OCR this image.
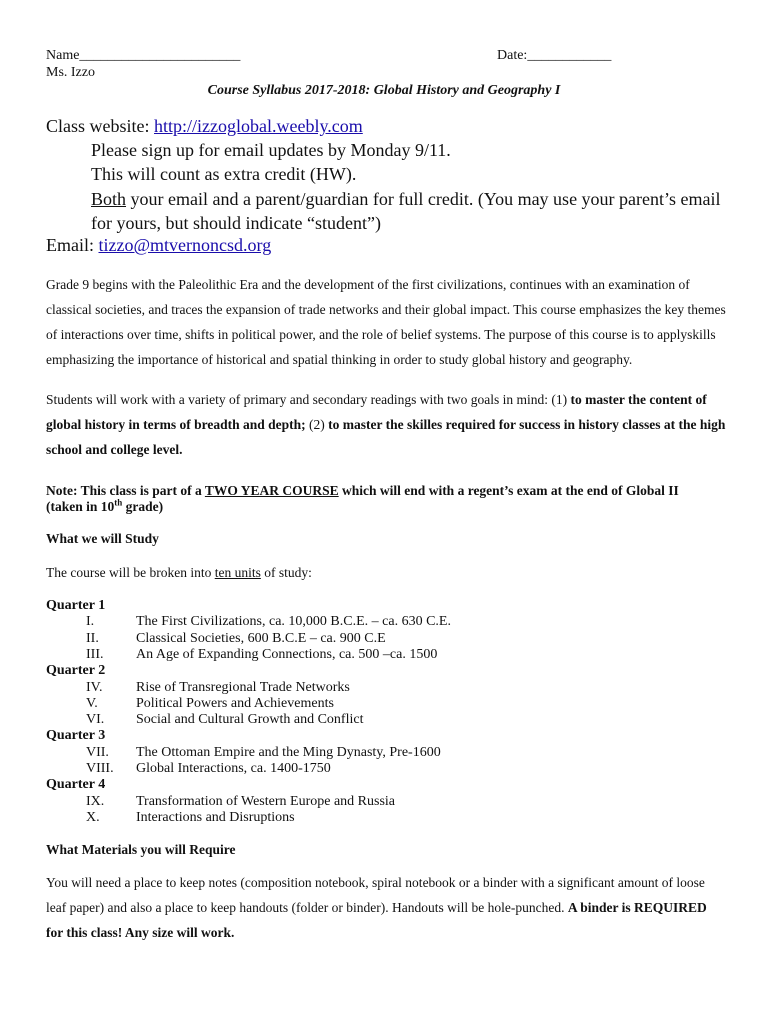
Name_______________________	Date:____________
Ms. Izzo
Course Syllabus 2017-2018: Global History and Geography I
Class website: http://izzoglobal.weebly.com
Please sign up for email updates by Monday 9/11.
This will count as extra credit (HW).
Both your email and a parent/guardian for full credit. (You may use your parent’s email
for yours, but should indicate “student”)
Email: tizzo@mtvernoncsd.org
Grade 9 begins with the Paleolithic Era and the development of the first civilizations, continues with an examination of classical societies, and traces the expansion of trade networks and their global impact. This course emphasizes the key themes of interactions over time, shifts in political power, and the role of belief systems. The purpose of this course is to applyskills emphasizing the importance of historical and spatial thinking in order to study global history and geography.
Students will work with a variety of primary and secondary readings with two goals in mind: (1) to master the content of global history in terms of breadth and depth; (2) to master the skilles required for success in history classes at the high school and college level.
Note: This class is part of a TWO YEAR COURSE which will end with a regent’s exam at the end of Global II
(taken in 10th grade)
What we will Study
The course will be broken into ten units of study:
Quarter 1
I.	The First Civilizations, ca. 10,000 B.C.E. – ca. 630 C.E.
II.	Classical Societies, 600 B.C.E – ca. 900 C.E
III.	An Age of Expanding Connections, ca. 500 –ca. 1500
Quarter 2
IV.	Rise of Transregional Trade Networks
V.	Political Powers and Achievements
VI.	Social and Cultural Growth and Conflict
Quarter 3
VII.	The Ottoman Empire and the Ming Dynasty, Pre-1600
VIII.	Global Interactions, ca. 1400-1750
Quarter 4
IX.	Transformation of Western Europe and Russia
X.	Interactions and Disruptions
What Materials you will Require
You will need a place to keep notes (composition notebook, spiral notebook or a binder with a significant amount of loose leaf paper) and also a place to keep handouts (folder or binder). Handouts will be hole-punched. A binder is REQUIRED for this class! Any size will work.
